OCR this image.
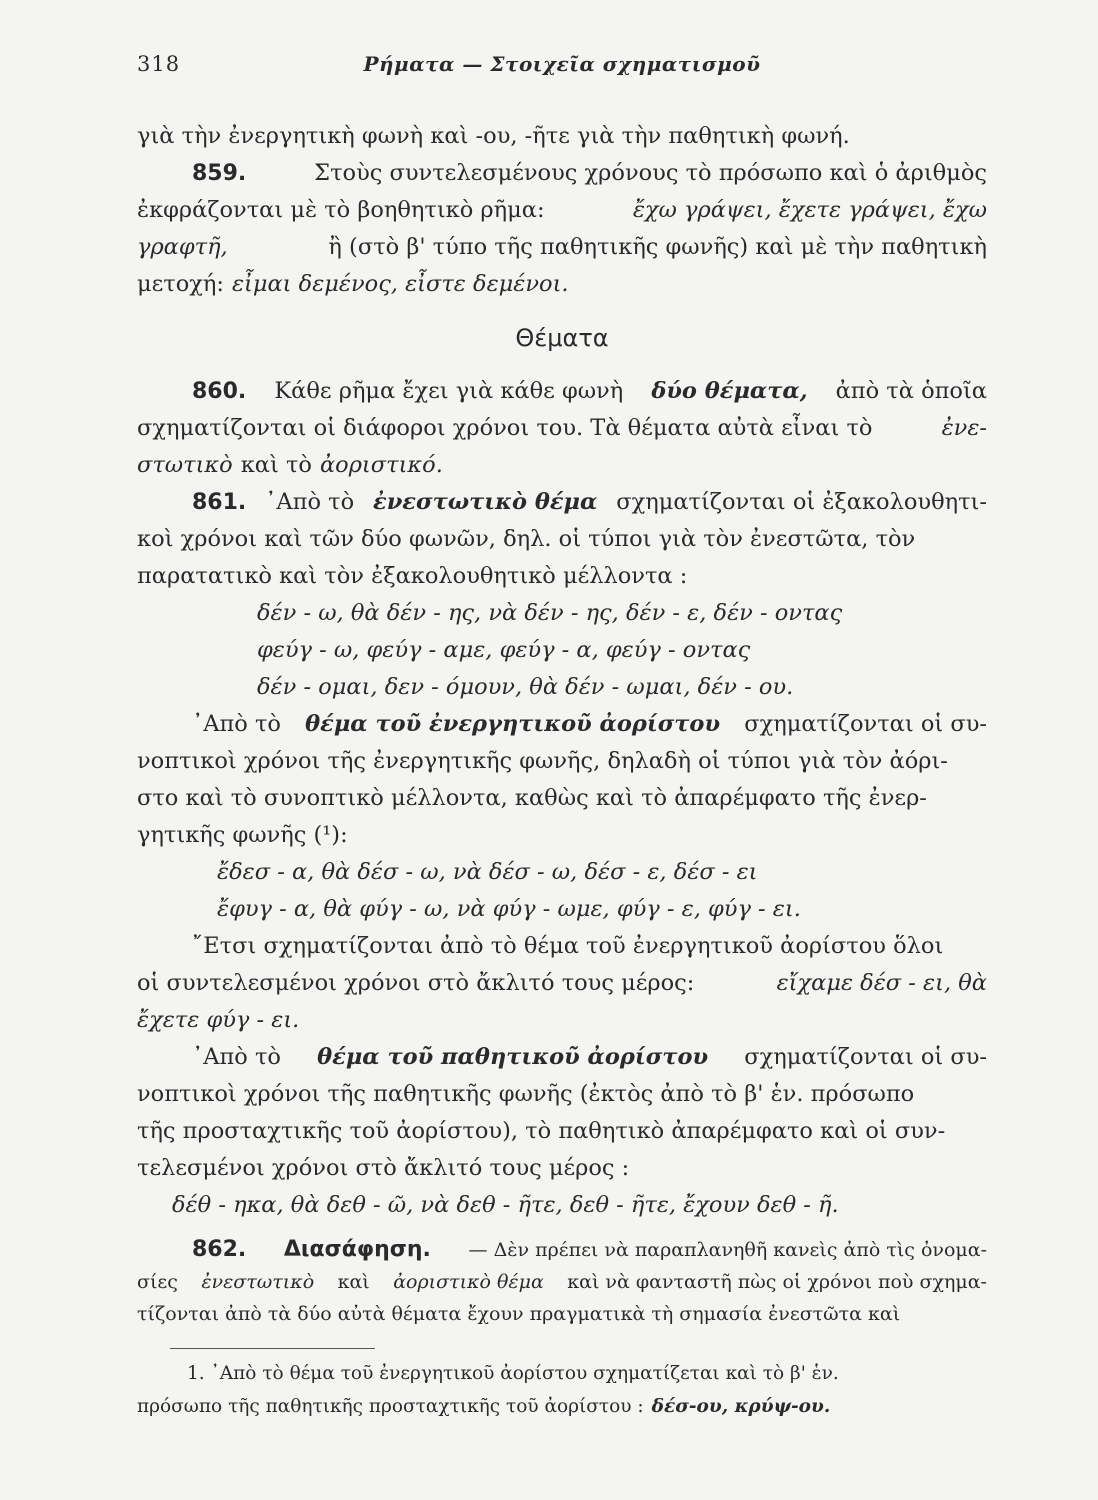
318	Ρήματα — Στοιχεῖα σχηματισμοῦ
γιὰ τὴν ἐνεργητικὴ φωνὴ καὶ -ου, -ῆτε γιὰ τὴν παθητικὴ φωνή.
859.	Στοὺς συντελεσμένους χρόνους τὸ πρόσωπο καὶ ὁ ἀριθμὸς
ἐκφράζονται μὲ τὸ βοηθητικὸ ρῆμα:	ἔχω γράψει, ἔχετε γράψει, ἔχω
γραφτῆ,	ἢ (στὸ β' τύπο τῆς παθητικῆς φωνῆς) καὶ μὲ τὴν παθητικὴ
μετοχή: εἶμαι δεμένος, εἶστε δεμένοι.
Θέματα
860. Κάθε ρῆμα ἔχει γιὰ κάθε φωνὴ δύο θέματα, ἀπὸ τὰ ὁποῖα
σχηματίζονται οἱ διάφοροι χρόνοι του. Τὰ θέματα αὐτὰ εἶναι τὸ	ἐνε-
στωτικὸ καὶ τὸ ἀοριστικό.
861. ᾿Απὸ τὸ ἐνεστωτικὸ θέμα σχηματίζονται οἱ ἐξακολουθητι-
κοὶ χρόνοι καὶ τῶν δύο φωνῶν, δηλ. οἱ τύποι γιὰ τὸν ἐνεστῶτα, τὸν
παρατατικὸ καὶ τὸν ἐξακολουθητικὸ μέλλοντα :
δέν - ω, θὰ δέν - ης, νὰ δέν - ης, δέν - ε, δέν - οντας
φεύγ - ω, φεύγ - αμε, φεύγ - α, φεύγ - οντας
δέν - ομαι, δεν - όμουν, θὰ δέν - ωμαι, δέν - ου.
᾿Απὸ τὸ θέμα τοῦ ἐνεργητικοῦ ἀορίστου σχηματίζονται οἱ συ-
νοπτικοὶ χρόνοι τῆς ἐνεργητικῆς φωνῆς, δηλαδὴ οἱ τύποι γιὰ τὸν ἀόρι-
στο καὶ τὸ συνοπτικὸ μέλλοντα, καθὼς καὶ τὸ ἀπαρέμφατο τῆς ἐνερ-
γητικῆς φωνῆς (¹):
ἔδεσ - α, θὰ δέσ - ω, νὰ δέσ - ω, δέσ - ε, δέσ - ει
ἔφυγ - α, θὰ φύγ - ω, νὰ φύγ - ωμε, φύγ - ε, φύγ - ει.
῎Ετσι σχηματίζονται ἀπὸ τὸ θέμα τοῦ ἐνεργητικοῦ ἀορίστου ὅλοι
οἱ συντελεσμένοι χρόνοι στὸ ἄκλιτό τους μέρος:	εἴχαμε δέσ - ει, θὰ
ἔχετε φύγ - ει.
᾿Απὸ τὸ θέμα τοῦ παθητικοῦ ἀορίστου σχηματίζονται οἱ συ-
νοπτικοὶ χρόνοι τῆς παθητικῆς φωνῆς (ἐκτὸς ἀπὸ τὸ β' ἑν. πρόσωπο
τῆς προσταχτικῆς τοῦ ἀορίστου), τὸ παθητικὸ ἀπαρέμφατο καὶ οἱ συν-
τελεσμένοι χρόνοι στὸ ἄκλιτό τους μέρος :
δέθ - ηκα, θὰ δεθ - ῶ, νὰ δεθ - ῆτε, δεθ - ῆτε, ἔχουν δεθ - ῆ.
862. Διασάφηση. — Δὲν πρέπει νὰ παραπλανηθῆ κανεὶς ἀπὸ τὶς ὀνομα-
σίες ἐνεστωτικὸ καὶ ἀοριστικὸ θέμα καὶ νὰ φανταστῆ πὼς οἱ χρόνοι ποὺ σχημα-
τίζονται ἀπὸ τὰ δύο αὐτὰ θέματα ἔχουν πραγματικὰ τὴ σημασία ἐνεστῶτα καὶ
1. ᾿Απὸ τὸ θέμα τοῦ ἐνεργητικοῦ ἀορίστου σχηματίζεται καὶ τὸ β' ἑν.
πρόσωπο τῆς παθητικῆς προσταχτικῆς τοῦ ἀορίστου : δέσ-ου, κρύψ-ου.
